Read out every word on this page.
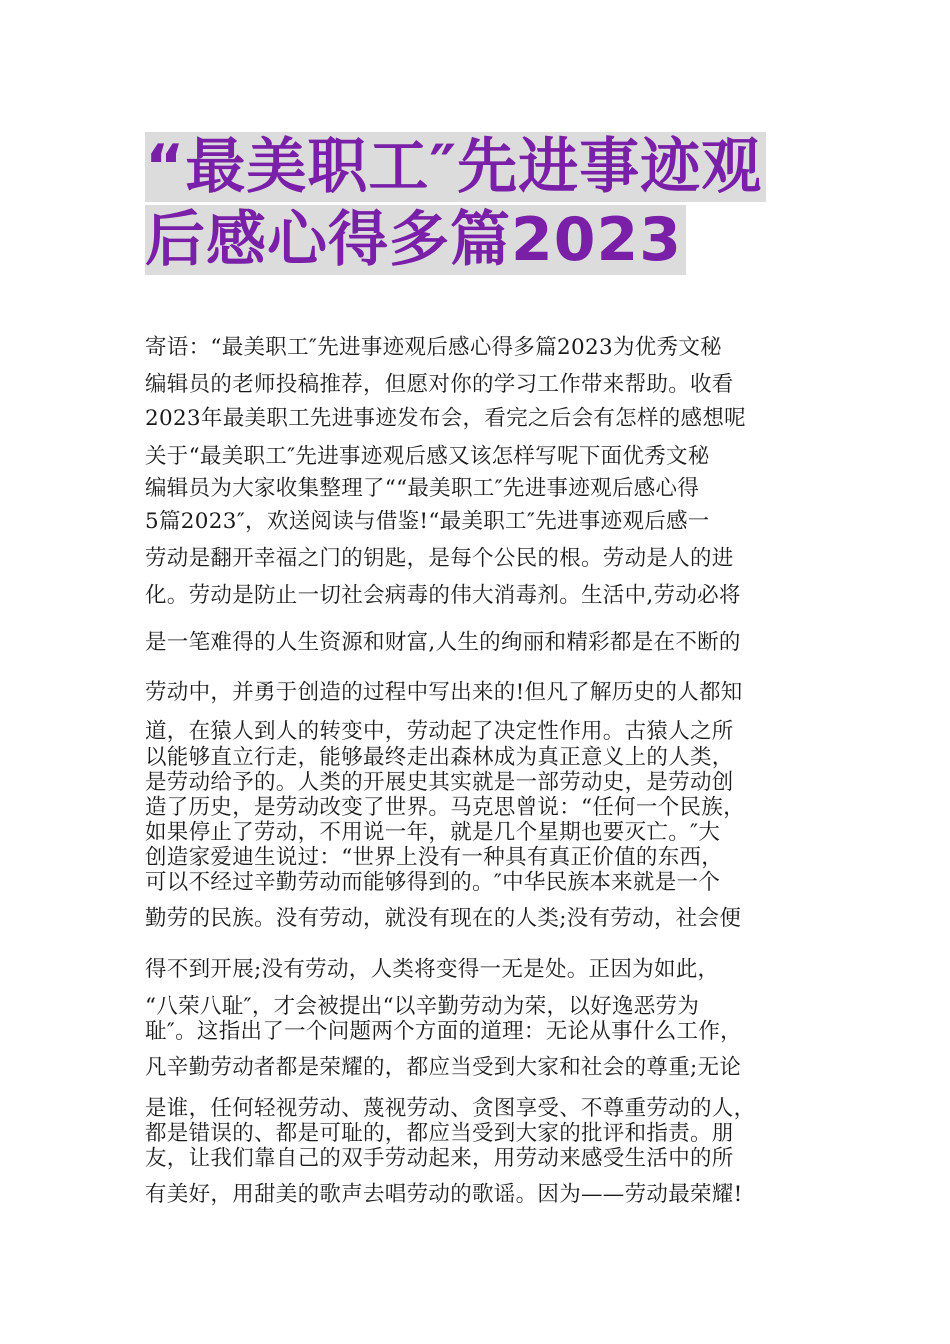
“最美职工″先进事迹观
后感心得多篇2023
寄语：“最美职工″先进事迹观后感心得多篇2023为优秀文秘
编辑员的老师投稿推荐，但愿对你的学习工作带来帮助。收看
2023年最美职工先进事迹发布会，看完之后会有怎样的感想呢
关于“最美职工″先进事迹观后感又该怎样写呢下面优秀文秘
编辑员为大家收集整理了““最美职工″先进事迹观后感心得
5篇2023″，欢送阅读与借鉴!“最美职工″先进事迹观后感一
劳动是翻开幸福之门的钥匙，是每个公民的根。劳动是人的进
化。劳动是防止一切社会病毒的伟大消毒剂。生活中,劳动必将
是一笔难得的人生资源和财富,人生的绚丽和精彩都是在不断的
劳动中，并勇于创造的过程中写出来的!但凡了解历史的人都知
道，在猿人到人的转变中，劳动起了决定性作用。古猿人之所
以能够直立行走，能够最终走出森林成为真正意义上的人类，
是劳动给予的。人类的开展史其实就是一部劳动史，是劳动创
造了历史，是劳动改变了世界。马克思曾说：“任何一个民族，
如果停止了劳动，不用说一年，就是几个星期也要灭亡。″大
创造家爱迪生说过：“世界上没有一种具有真正价值的东西，
可以不经过辛勤劳动而能够得到的。″中华民族本来就是一个
勤劳的民族。没有劳动，就没有现在的人类;没有劳动，社会便
得不到开展;没有劳动，人类将变得一无是处。正因为如此，
“八荣八耻″，才会被提出“以辛勤劳动为荣，以好逸恶劳为
耻″。这指出了一个问题两个方面的道理：无论从事什么工作，
凡辛勤劳动者都是荣耀的，都应当受到大家和社会的尊重;无论
是谁，任何轻视劳动、蔑视劳动、贪图享受、不尊重劳动的人，
都是错误的、都是可耻的，都应当受到大家的批评和指责。朋
友，让我们靠自己的双手劳动起来，用劳动来感受生活中的所
有美好，用甜美的歌声去唱劳动的歌谣。因为——劳动最荣耀!
